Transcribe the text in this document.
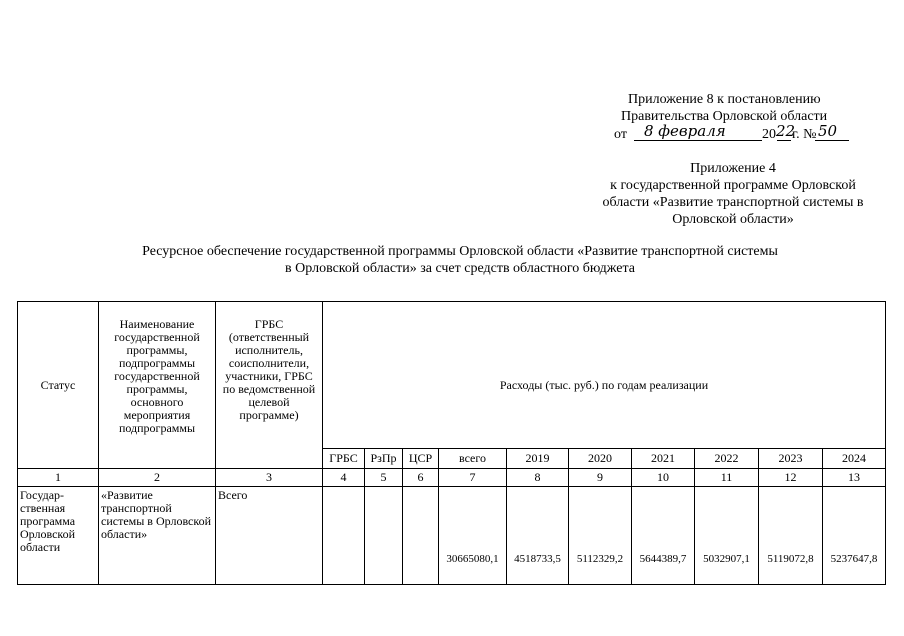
Приложение 8 к постановлению
Правительства Орловской области
от 8 февраля	20 22
г. № 50
Приложение 4
к государственной программе Орловской
области «Развитие транспортной системы в
Орловской области»
Ресурсное обеспечение государственной программы Орловской области «Развитие транспортной системы
в Орловской области» за счет средств областного бюджета
Статус	Наименование государственной программы, подпрограммы государственной программы, основного мероприятия подпрограммы	ГРБС (ответственный исполнитель, соисполнители, участники, ГРБС по ведомственной целевой программе)	Расходы (тыс. руб.) по годам реализации									
			ГРБС	РзПр	ЦСР	всего	2019	2020	2021	2022	2023	2024
1	2	3	4	5	6	7	8	9	10	11	12	13
Государ-ственная программа Орловской области	«Развитие транспортной системы в Орловской области»	Всего				30665080,1	4518733,5	5112329,2	5644389,7	5032907,1	5119072,8	5237647,8
